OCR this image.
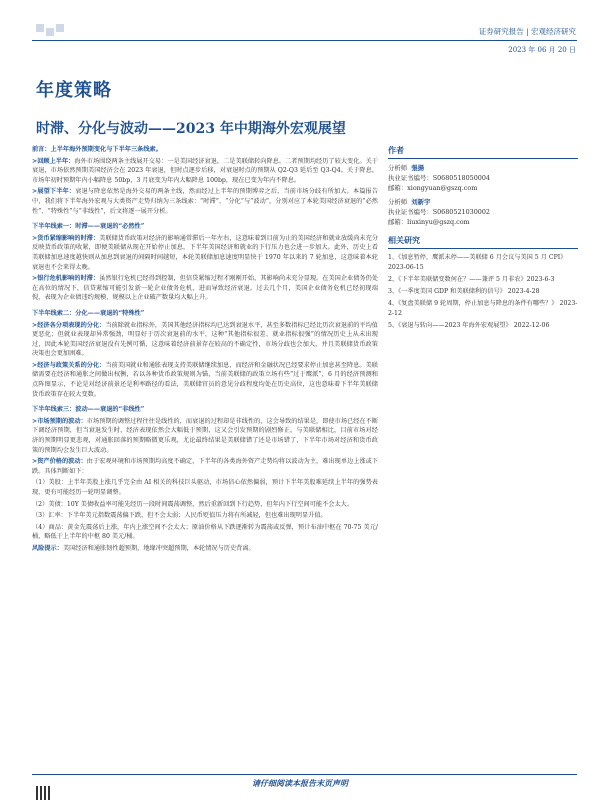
证券研究报告 | 宏观经济研究
2023 年 06 月 20 日
年度策略
时滞、分化与波动——2023 年中期海外宏观展望

前言：上半年海外预期变化与下半年三条线索。

>回顾上半年：海外市场围绕两条主线展开交易：一是美国经济衰退，二是美联储转向降息。二者预期均经历了较大变化。关于衰退，市场依然预期美国经济会在 2023 年衰退，但时点逐步后移，对衰退时点的预期从 Q2-Q3 延后至 Q3-Q4。关于降息，市场年初时预期年内小幅降息 50bp，3 月底变为年内大幅降息 100bp，现在已变为年内不降息。

>展望下半年：衰退与降息依然是海外交易的两条主线，然而经过上半年的预期博弈之后，当前市场分歧有所加大。本篇报告中，我们将下半年海外宏观与大类资产走势归纳为三条线索：“时滞”、“分化”与“波动”，分别对应了本轮美国经济衰退的“必然性”、“特殊性”与“非线性”，后文将逐一展开分析。

下半年线索一：时滞——衰退的“必然性”

>货币紧缩影响的时滞：美联储货币政策对经济的影响通常滞后一年左右，这意味着到目前为止的美国经济和就业放缓尚未充分反映货币政策的收紧，即便美联储从现在开始停止加息，下半年美国经济和就业的下行压力也会进一步加大。此外，历史上看美联储加息速度越快则从加息到衰退的间隔时间越短，本轮美联储加息速度明显快于 1970 年以来的 7 轮加息，这意味着本轮衰退也不会来得太晚。

>银行危机影响的时滞：虽然银行危机已经得到控制，但信贷紧缩过程才刚刚开始，其影响尚未充分显现。在美国企业债务仍处在高位的情况下，信贷紧缩可能引发新一轮企业债务危机，进而导致经济衰退。过去几个月，美国企业债务危机已经初现端倪，表现为企业债违约规模、规模以上企业破产数量均大幅上升。

下半年线索二：分化——衰退的“特殊性”

>经济各分项表现的分化：当前除就业指标外，美国其他经济指标均已达到衰退水平，甚至多数指标已经比历次衰退前的平均值更恶化；但就业表现却异常强劲，明显好于历次衰退前的水平，这种“其他指标很差、就业指标很强”的情况历史上从未出现过，因此本轮美国经济衰退没有先例可循，这意味着经济前景存在较高的不确定性，市场分歧也会加大，并且美联储货币政策决策也会更加困难。

>经济与政策关系的分化：当前美国就业和通胀表现支持美联储继续加息，而经济和金融状况已经要求停止加息甚至降息。美联储需要在经济和通胀之间做出权衡，若以各种货币政策规则为锚，当前美联储的政策立场有些“过于鹰派”，6 月的经济预测和点阵图显示，不论是对经济前景还是利率路径的看法，美联储官员的意见分歧程度均处在历史高位，这也意味着下半年美联储货币政策存在较大变数。

下半年线索三：波动——衰退的“非线性”

>市场预期的波动：市场预期的调整过程往往是线性的，而衰退的过程却是非线性的，这会导致的结果是，即使市场已经在不断下调经济预期，但当衰退发生时，经济表现依然会大幅低于预期，这又会引发预期的剧烈修正。与美联储相比，目前市场对经济的预期明显更悲观，对通胀回落的预期略微更乐观，尤论最终结果是美联储错了还是市场错了，下半年市场对经济和货币政策的预期均会发生巨大波动。

>资产价格的波动：由于宏观环境和市场预期均高度不确定，下半年的各类海外资产走势均将以波动为主，难出现单边上涨或下跌。具体判断如下：

（1）美股：上半年美股上涨几乎完全由 AI 相关的科技巨头驱动，市场信心依然偏弱，预计下半年美股难延续上半年的强势表现，更有可能经历一轮明显调整。

（2）美债：10Y 美债收益率可能先经历一段时间震荡调整，然后重新回到下行趋势，但年内下行空间可能不会太大。

（3）汇率：下半年美元指数震荡偏下跌，但不会太弱；人民币贬值压力将有所减轻，但也难出现明显升值。

（4）商品：黄金先震荡后上涨，年内上涨空间不会太大；原油价格从下跌逐渐转为震荡或反弹，预计布油中枢在 70-75 美元/桶，略低于上半年的中枢 80 美元/桶。

风险提示：美国经济和通胀韧性超预期，地缘冲突超预期，本轮情况与历史背离。

作者
分析师 張揚
执业证书编号：S0680518050004
邮箱：xiongyuan@gszq.com
分析师 刘新宇
执业证书编号：S0680521030002
邮箱：liuxinyu@gszq.com
相关研究
1、《加息暂停，鹰派未停——美联储 6 月会议与美国 5 月 CPI》 2023-06-15
2、《下半年美联储变数何在？——兼评 5 月非农》2023-6-3
3、《一季度美国 GDP 和美联储利的信号》 2023-4-28
4、《复盘美联储 9 轮周期，停止加息与降息的条件有哪些？》 2023-2-12
5、《衰退与转向——2023 年海外宏观展望》 2022-12-06
请仔细阅读本报告末页声明
